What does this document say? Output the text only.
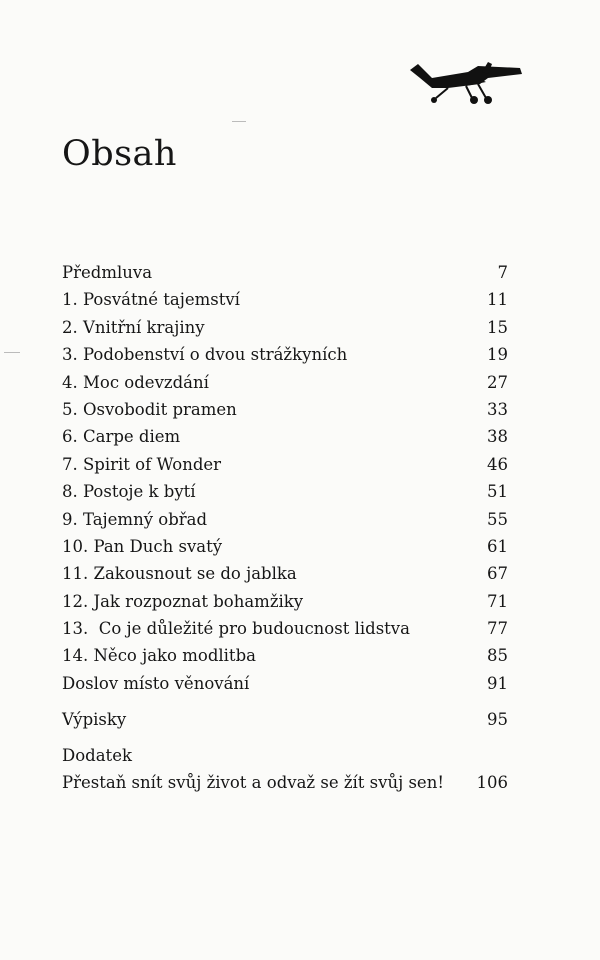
Obsah
Předmluva	7
1. Posvátné tajemství	11
2. Vnitřní krajiny	15
3. Podobenství o dvou strážkyních	19
4. Moc odevzdání	27
5. Osvobodit pramen	33
6. Carpe diem	38
7. Spirit of Wonder	46
8. Postoje k bytí	51
9. Tajemný obřad	55
10. Pan Duch svatý	61
11. Zakousnout se do jablka	67
12. Jak rozpoznat bohamžiky	71
13.  Co je důležité pro budoucnost lidstva	77
14. Něco jako modlitba	85
Doslov místo věnování	91
Výpisky	95
Dodatek
Přestaň snít svůj život a odvaž se žít svůj sen! 106
